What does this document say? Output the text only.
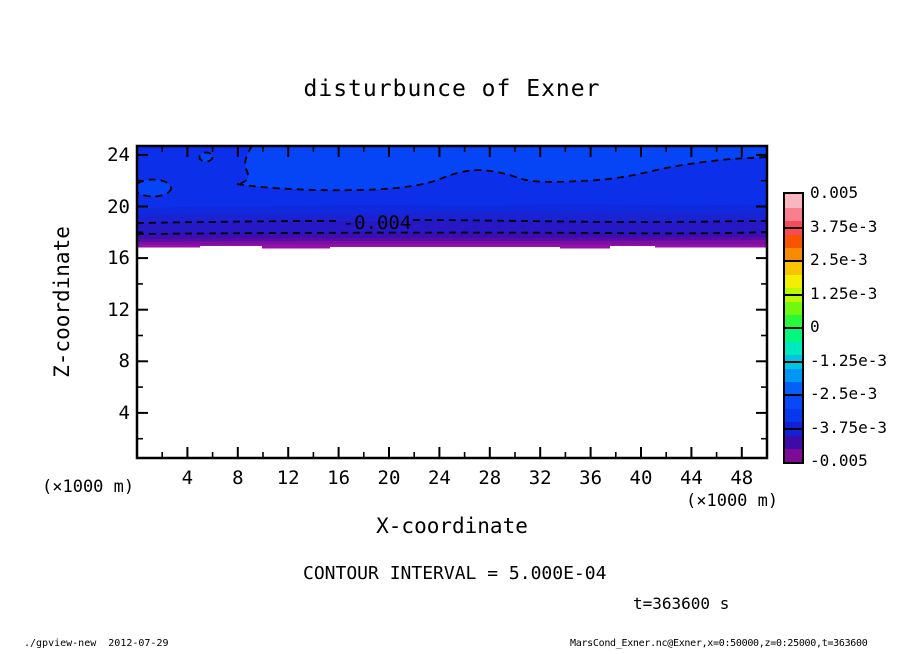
disturbunce of Exner
Z-coordinate
X-coordinate
(×1000 m)
(×1000 m)
-0.004
CONTOUR INTERVAL = 5.000E-04
t=363600 s
./gpview-new  2012-07-29	MarsCond_Exner.nc@Exner,x=0:50000,z=0:25000,t=363600
0.005
3.75e-3
2.5e-3
1.25e-3
0
-1.25e-3
-2.5e-3
-3.75e-3
-0.005
4	8	12	16	20	24	28	32	36	40	44	48
4
8
12
16
20
24
